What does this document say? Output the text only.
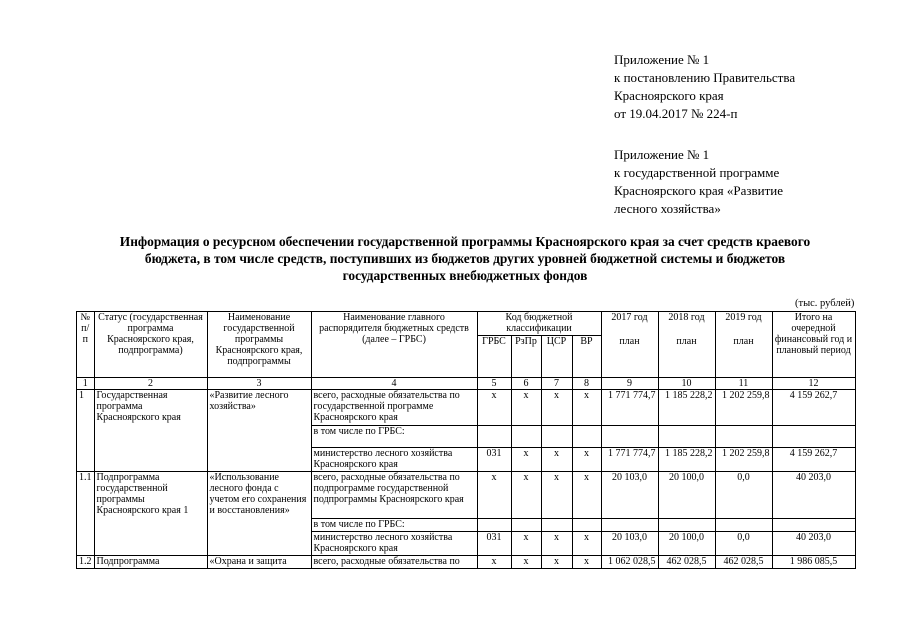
Приложение № 1
к постановлению Правительства
Красноярского края
от 19.04.2017 № 224-п
Приложение № 1
к государственной программе
Красноярского края «Развитие
лесного хозяйства»
Информация о ресурсном обеспечении государственной программы Красноярского края за счет средств краевого
бюджета, в том числе средств, поступивших из бюджетов других уровней бюджетной системы и бюджетов
государственных внебюджетных фондов
(тыс. рублей)
№ п/п	Статус (государственная программа Красноярского края, подпрограмма)	Наименование государственной программы Красноярского края, подпрограммы	Наименование главного распорядителя бюджетных средств (далее – ГРБС)	Код бюджетной классификации				2017 год	2018 год	2019 год	Итого на очередной финансовый год и плановый период
				ГРБС	РзПр	ЦСР	ВР	план	план	план	
1	2	3	4	5	6	7	8	9	10	11	12
1	Государственная программа Красноярского края	«Развитие лесного хозяйства»	всего, расходные обязательства по государственной программе Красноярского края	х	х	х	х	1 771 774,7	1 185 228,2	1 202 259,8	4 159 262,7
			в том числе по ГРБС:								
			министерство лесного хозяйства Красноярского края	031	х	х	х	1 771 774,7	1 185 228,2	1 202 259,8	4 159 262,7
1.1	Подпрограмма государственной программы Красноярского края 1	«Использование лесного фонда с учетом его сохранения и восстановления»	всего, расходные обязательства по подпрограмме государственной подпрограммы Красноярского края	х	х	х	х	20 103,0	20 100,0	0,0	40 203,0
			в том числе по ГРБС:								
			министерство лесного хозяйства Красноярского края	031	х	х	х	20 103,0	20 100,0	0,0	40 203,0
1.2	Подпрограмма	«Охрана и защита	всего, расходные обязательства по	х	х	х	х	1 062 028,5	462 028,5	462 028,5	1 986 085,5
